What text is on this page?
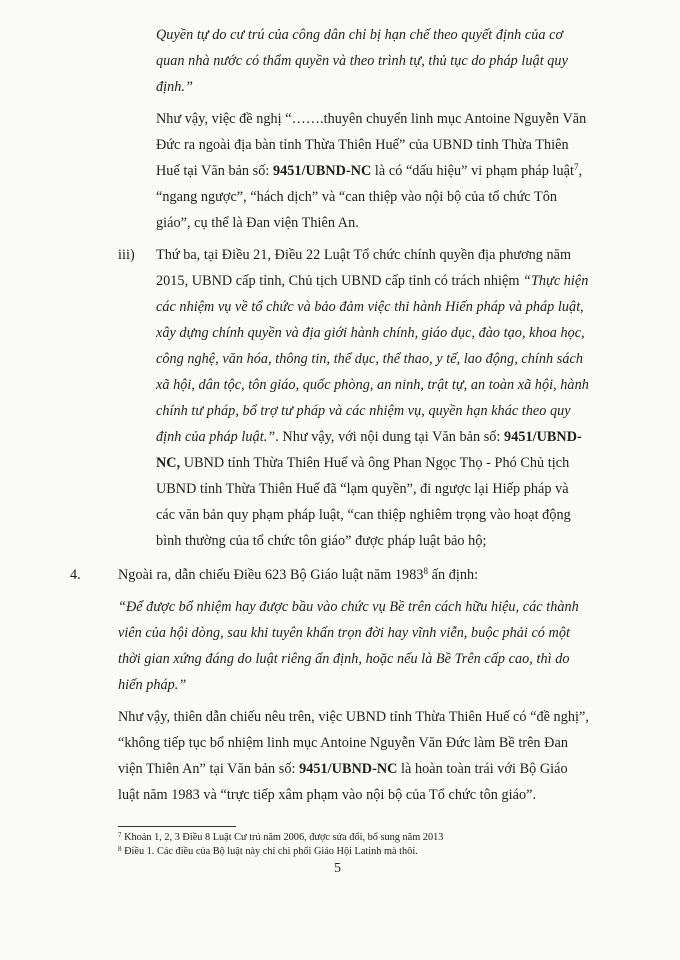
Quyền tự do cư trú của công dân chỉ bị hạn chế theo quyết định của cơ
quan nhà nước có thẩm quyền và theo trình tự, thủ tục do pháp luật quy
định.”
Như vậy, việc đề nghị “…….thuyên chuyển linh mục Antoine Nguyễn Văn
Đức ra ngoài địa bàn tỉnh Thừa Thiên Huế” của UBND tỉnh Thừa Thiên
Huế tại Văn bản số: 9451/UBND-NC là có “dấu hiệu” vi phạm pháp luật$^7$,
“ngang ngược”, “hách dịch” và “can thiệp vào nội bộ của tổ chức Tôn
giáo”, cụ thể là Đan viện Thiên An.
iii) Thứ ba, tại Điều 21, Điều 22 Luật Tổ chức chính quyền địa phương năm
2015, UBND cấp tỉnh, Chủ tịch UBND cấp tỉnh có trách nhiệm “Thực hiện
các nhiệm vụ về tổ chức và bảo đảm việc thi hành Hiến pháp và pháp luật,
xây dựng chính quyền và địa giới hành chính, giáo dục, đào tạo, khoa học,
công nghệ, văn hóa, thông tin, thể dục, thể thao, y tế, lao động, chính sách
xã hội, dân tộc, tôn giáo, quốc phòng, an ninh, trật tự, an toàn xã hội, hành
chính tư pháp, bổ trợ tư pháp và các nhiệm vụ, quyền hạn khác theo quy
định của pháp luật.”. Như vậy, với nội dung tại Văn bản số: 9451/UBND-
NC, UBND tỉnh Thừa Thiên Huế và ông Phan Ngọc Thọ - Phó Chủ tịch
UBND tỉnh Thừa Thiên Huế đã “lạm quyền”, đi ngược lại Hiếp pháp và
các văn bản quy phạm pháp luật, “can thiệp nghiêm trọng vào hoạt động
bình thường của tổ chức tôn giáo” được pháp luật bảo hộ;
4.	Ngoài ra, dẫn chiếu Điều 623 Bộ Giáo luật năm 1983$^8$ ấn định:
“Để được bổ nhiệm hay được bầu vào chức vụ Bề trên cách hữu hiệu, các thành
viên của hội dòng, sau khi tuyên khấn trọn đời hay vĩnh viễn, buộc phải có một
thời gian xứng đáng do luật riêng ấn định, hoặc nếu là Bề Trên cấp cao, thì do
hiến pháp.”
Như vậy, thiên dẫn chiếu nêu trên, việc UBND tỉnh Thừa Thiên Huế có “đề nghị”,
“không tiếp tục bổ nhiệm linh mục Antoine Nguyễn Văn Đức làm Bề trên Đan
viện Thiên An” tại Văn bản số: 9451/UBND-NC là hoàn toàn trái với Bộ Giáo
luật năm 1983 và “trực tiếp xâm phạm vào nội bộ của Tổ chức tôn giáo”.
$^7$ Khoản 1, 2, 3 Điều 8 Luật Cư trú năm 2006, được sửa đổi, bổ sung năm 2013
$^8$ Điều 1. Các điều của Bộ luật này chỉ chi phối Giáo Hội Latinh mà thôi.
5
